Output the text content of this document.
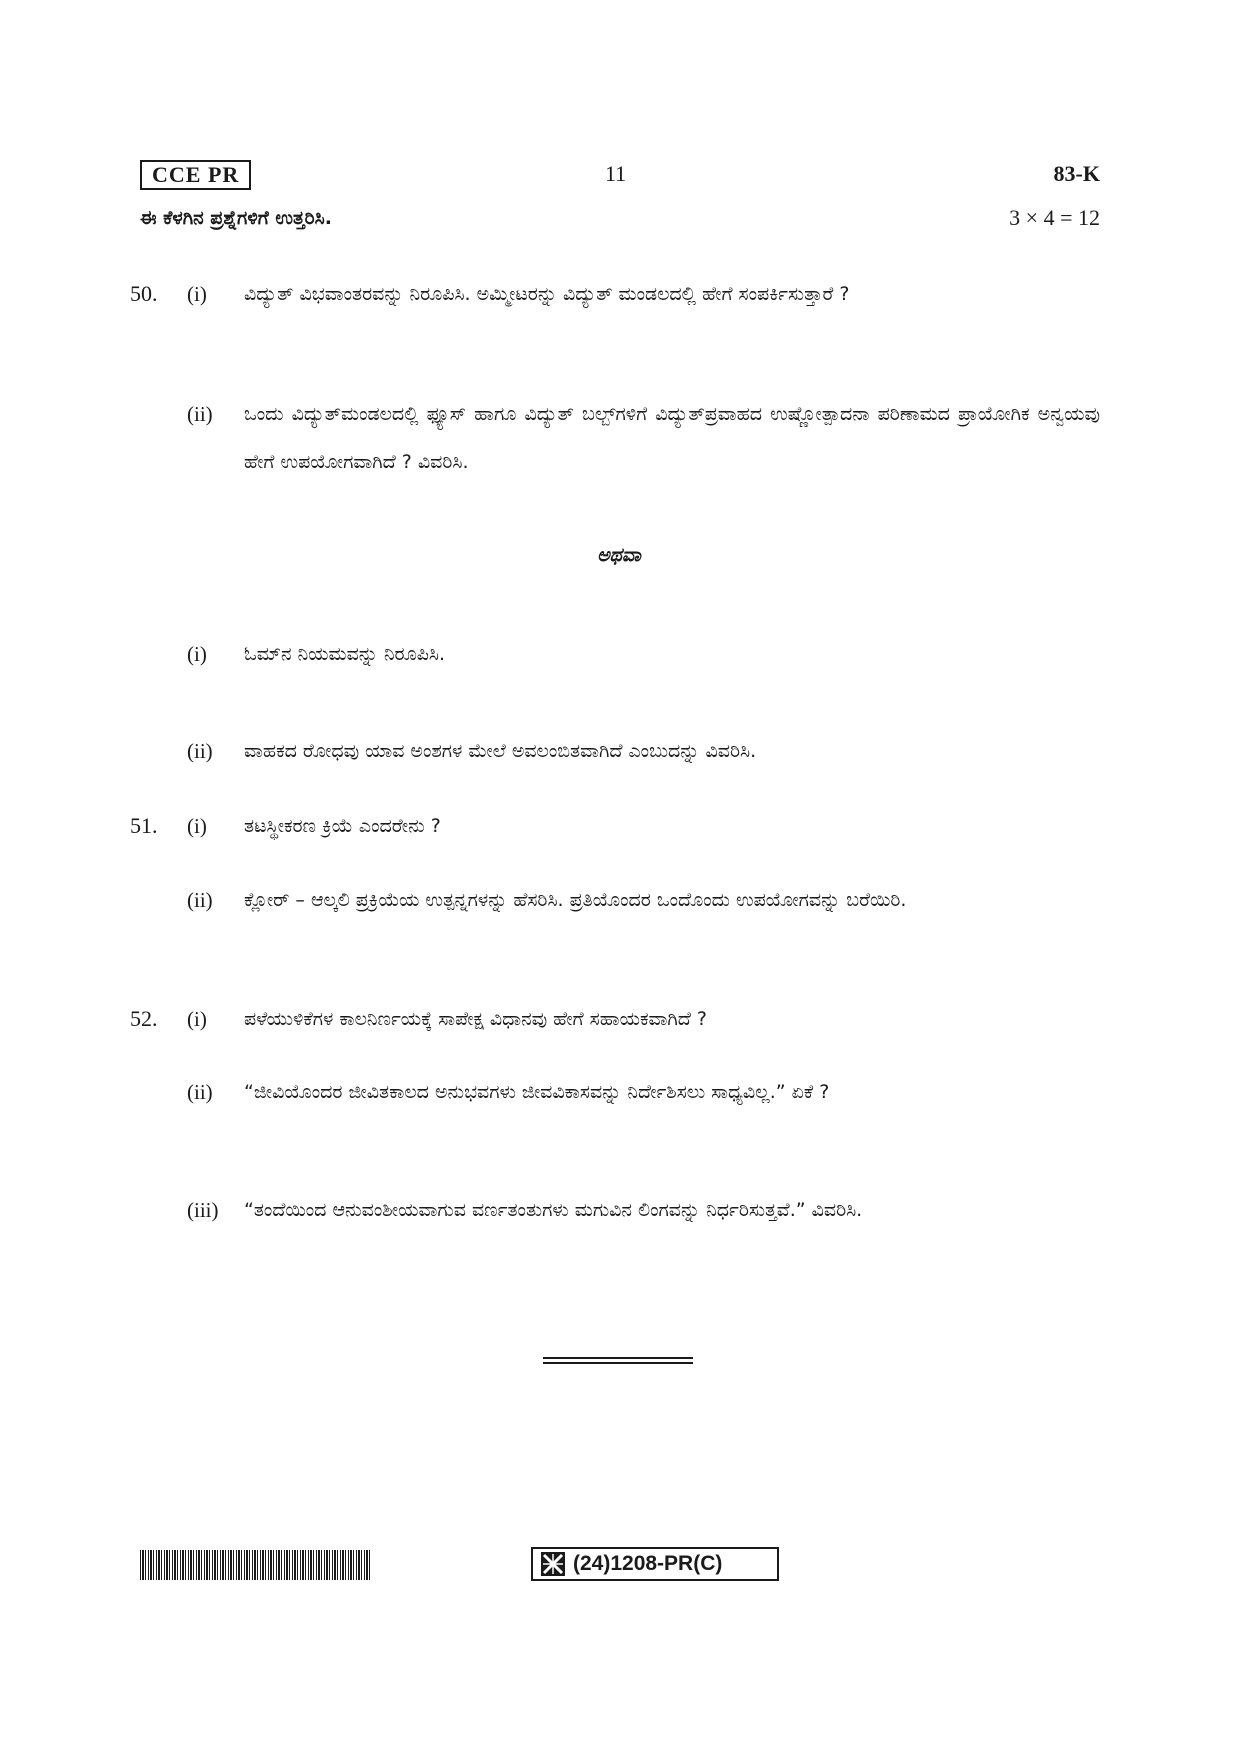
CCE PR	11	83-K
ಈ ಕೆಳಗಿನ ಪ್ರಶ್ನೆಗಳಿಗೆ ಉತ್ತರಿಸಿ.	3 × 4 = 12
50.	(i)	ವಿದ್ಯುತ್ ವಿಭವಾಂತರವನ್ನು ನಿರೂಪಿಸಿ. ಅಮ್ಮೀಟರನ್ನು ವಿದ್ಯುತ್ ಮಂಡಲದಲ್ಲಿ ಹೇಗೆ ಸಂಪರ್ಕಿಸುತ್ತಾರೆ ?
(ii)	ಒಂದು ವಿದ್ಯುತ್‌ಮಂಡಲದಲ್ಲಿ ಫ್ಯೂಸ್ ಹಾಗೂ ವಿದ್ಯುತ್ ಬಲ್ಬ್‌ಗಳಿಗೆ ವಿದ್ಯುತ್‌ಪ್ರವಾಹದ ಉಷ್ಣೋತ್ಪಾದನಾ ಪರಿಣಾಮದ ಪ್ರಾಯೋಗಿಕ ಅನ್ವಯವು ಹೇಗೆ ಉಪಯೋಗವಾಗಿದೆ ? ವಿವರಿಸಿ.
ಅಥವಾ
(i)	ಓಮ್‌ನ ನಿಯಮವನ್ನು ನಿರೂಪಿಸಿ.
(ii)	ವಾಹಕದ ರೋಧವು ಯಾವ ಅಂಶಗಳ ಮೇಲೆ ಅವಲಂಬಿತವಾಗಿದೆ ಎಂಬುದನ್ನು ವಿವರಿಸಿ.
51.	(i)	ತಟಸ್ಥೀಕರಣ ಕ್ರಿಯೆ ಎಂದರೇನು ?
(ii)	ಕ್ಲೋರ್ – ಆಲ್ಕಲಿ ಪ್ರಕ್ರಿಯೆಯ ಉತ್ಪನ್ನಗಳನ್ನು ಹೆಸರಿಸಿ. ಪ್ರತಿಯೊಂದರ ಒಂದೊಂದು ಉಪಯೋಗವನ್ನು ಬರೆಯಿರಿ.
52.	(i)	ಪಳೆಯುಳಿಕೆಗಳ ಕಾಲನಿರ್ಣಯಕ್ಕೆ ಸಾಪೇಕ್ಷ ವಿಧಾನವು ಹೇಗೆ ಸಹಾಯಕವಾಗಿದೆ ?
(ii)	“ಜೀವಿಯೊಂದರ ಜೀವಿತಕಾಲದ ಅನುಭವಗಳು ಜೀವವಿಕಾಸವನ್ನು ನಿರ್ದೇಶಿಸಲು ಸಾಧ್ಯವಿಲ್ಲ.” ಏಕೆ ?
(iii)	“ತಂದೆಯಿಂದ ಆನುವಂಶೀಯವಾಗುವ ವರ್ಣತಂತುಗಳು ಮಗುವಿನ ಲಿಂಗವನ್ನು ನಿರ್ಧರಿಸುತ್ತವೆ.” ವಿವರಿಸಿ.
(24)1208-PR(C)
